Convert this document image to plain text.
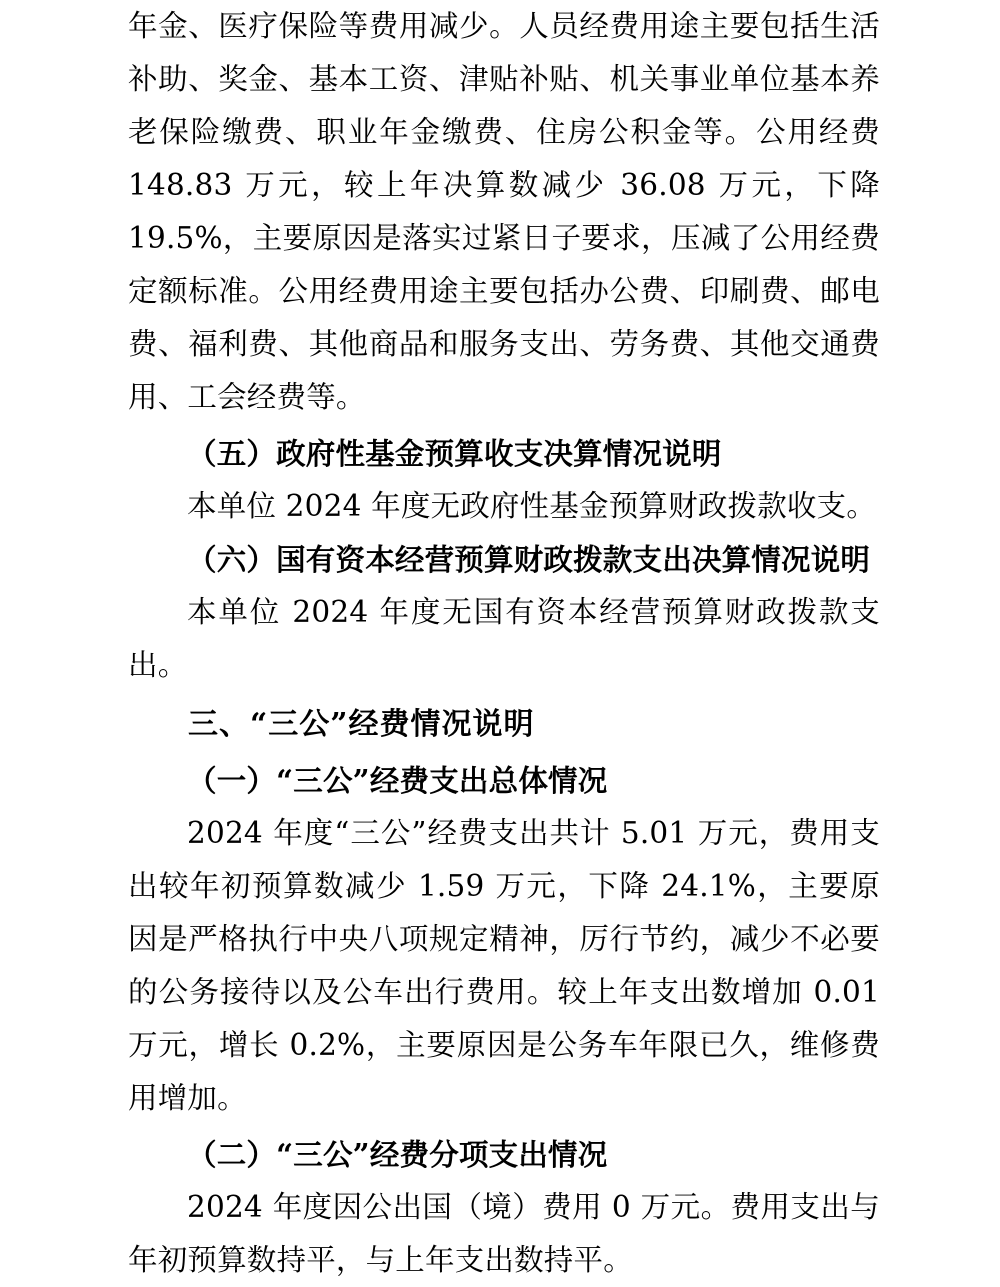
年金、医疗保险等费用减少。人员经费用途主要包括生活补助、奖金、基本工资、津贴补贴、机关事业单位基本养老保险缴费、职业年金缴费、住房公积金等。公用经费 148.83 万元，较上年决算数减少 36.08 万元，下降 19.5%，主要原因是落实过紧日子要求，压减了公用经费定额标准。公用经费用途主要包括办公费、印刷费、邮电费、福利费、其他商品和服务支出、劳务费、其他交通费用、工会经费等。

（五）政府性基金预算收支决算情况说明

本单位 2024 年度无政府性基金预算财政拨款收支。

（六）国有资本经营预算财政拨款支出决算情况说明

本单位 2024 年度无国有资本经营预算财政拨款支出。

三、“三公”经费情况说明

（一）“三公”经费支出总体情况

2024 年度“三公”经费支出共计 5.01 万元，费用支出较年初预算数减少 1.59 万元，下降 24.1%，主要原因是严格执行中央八项规定精神，厉行节约，减少不必要的公务接待以及公车出行费用。较上年支出数增加 0.01 万元，增长 0.2%，主要原因是公务车年限已久，维修费用增加。

（二）“三公”经费分项支出情况

2024 年度因公出国（境）费用 0 万元。费用支出与年初预算数持平，与上年支出数持平。
